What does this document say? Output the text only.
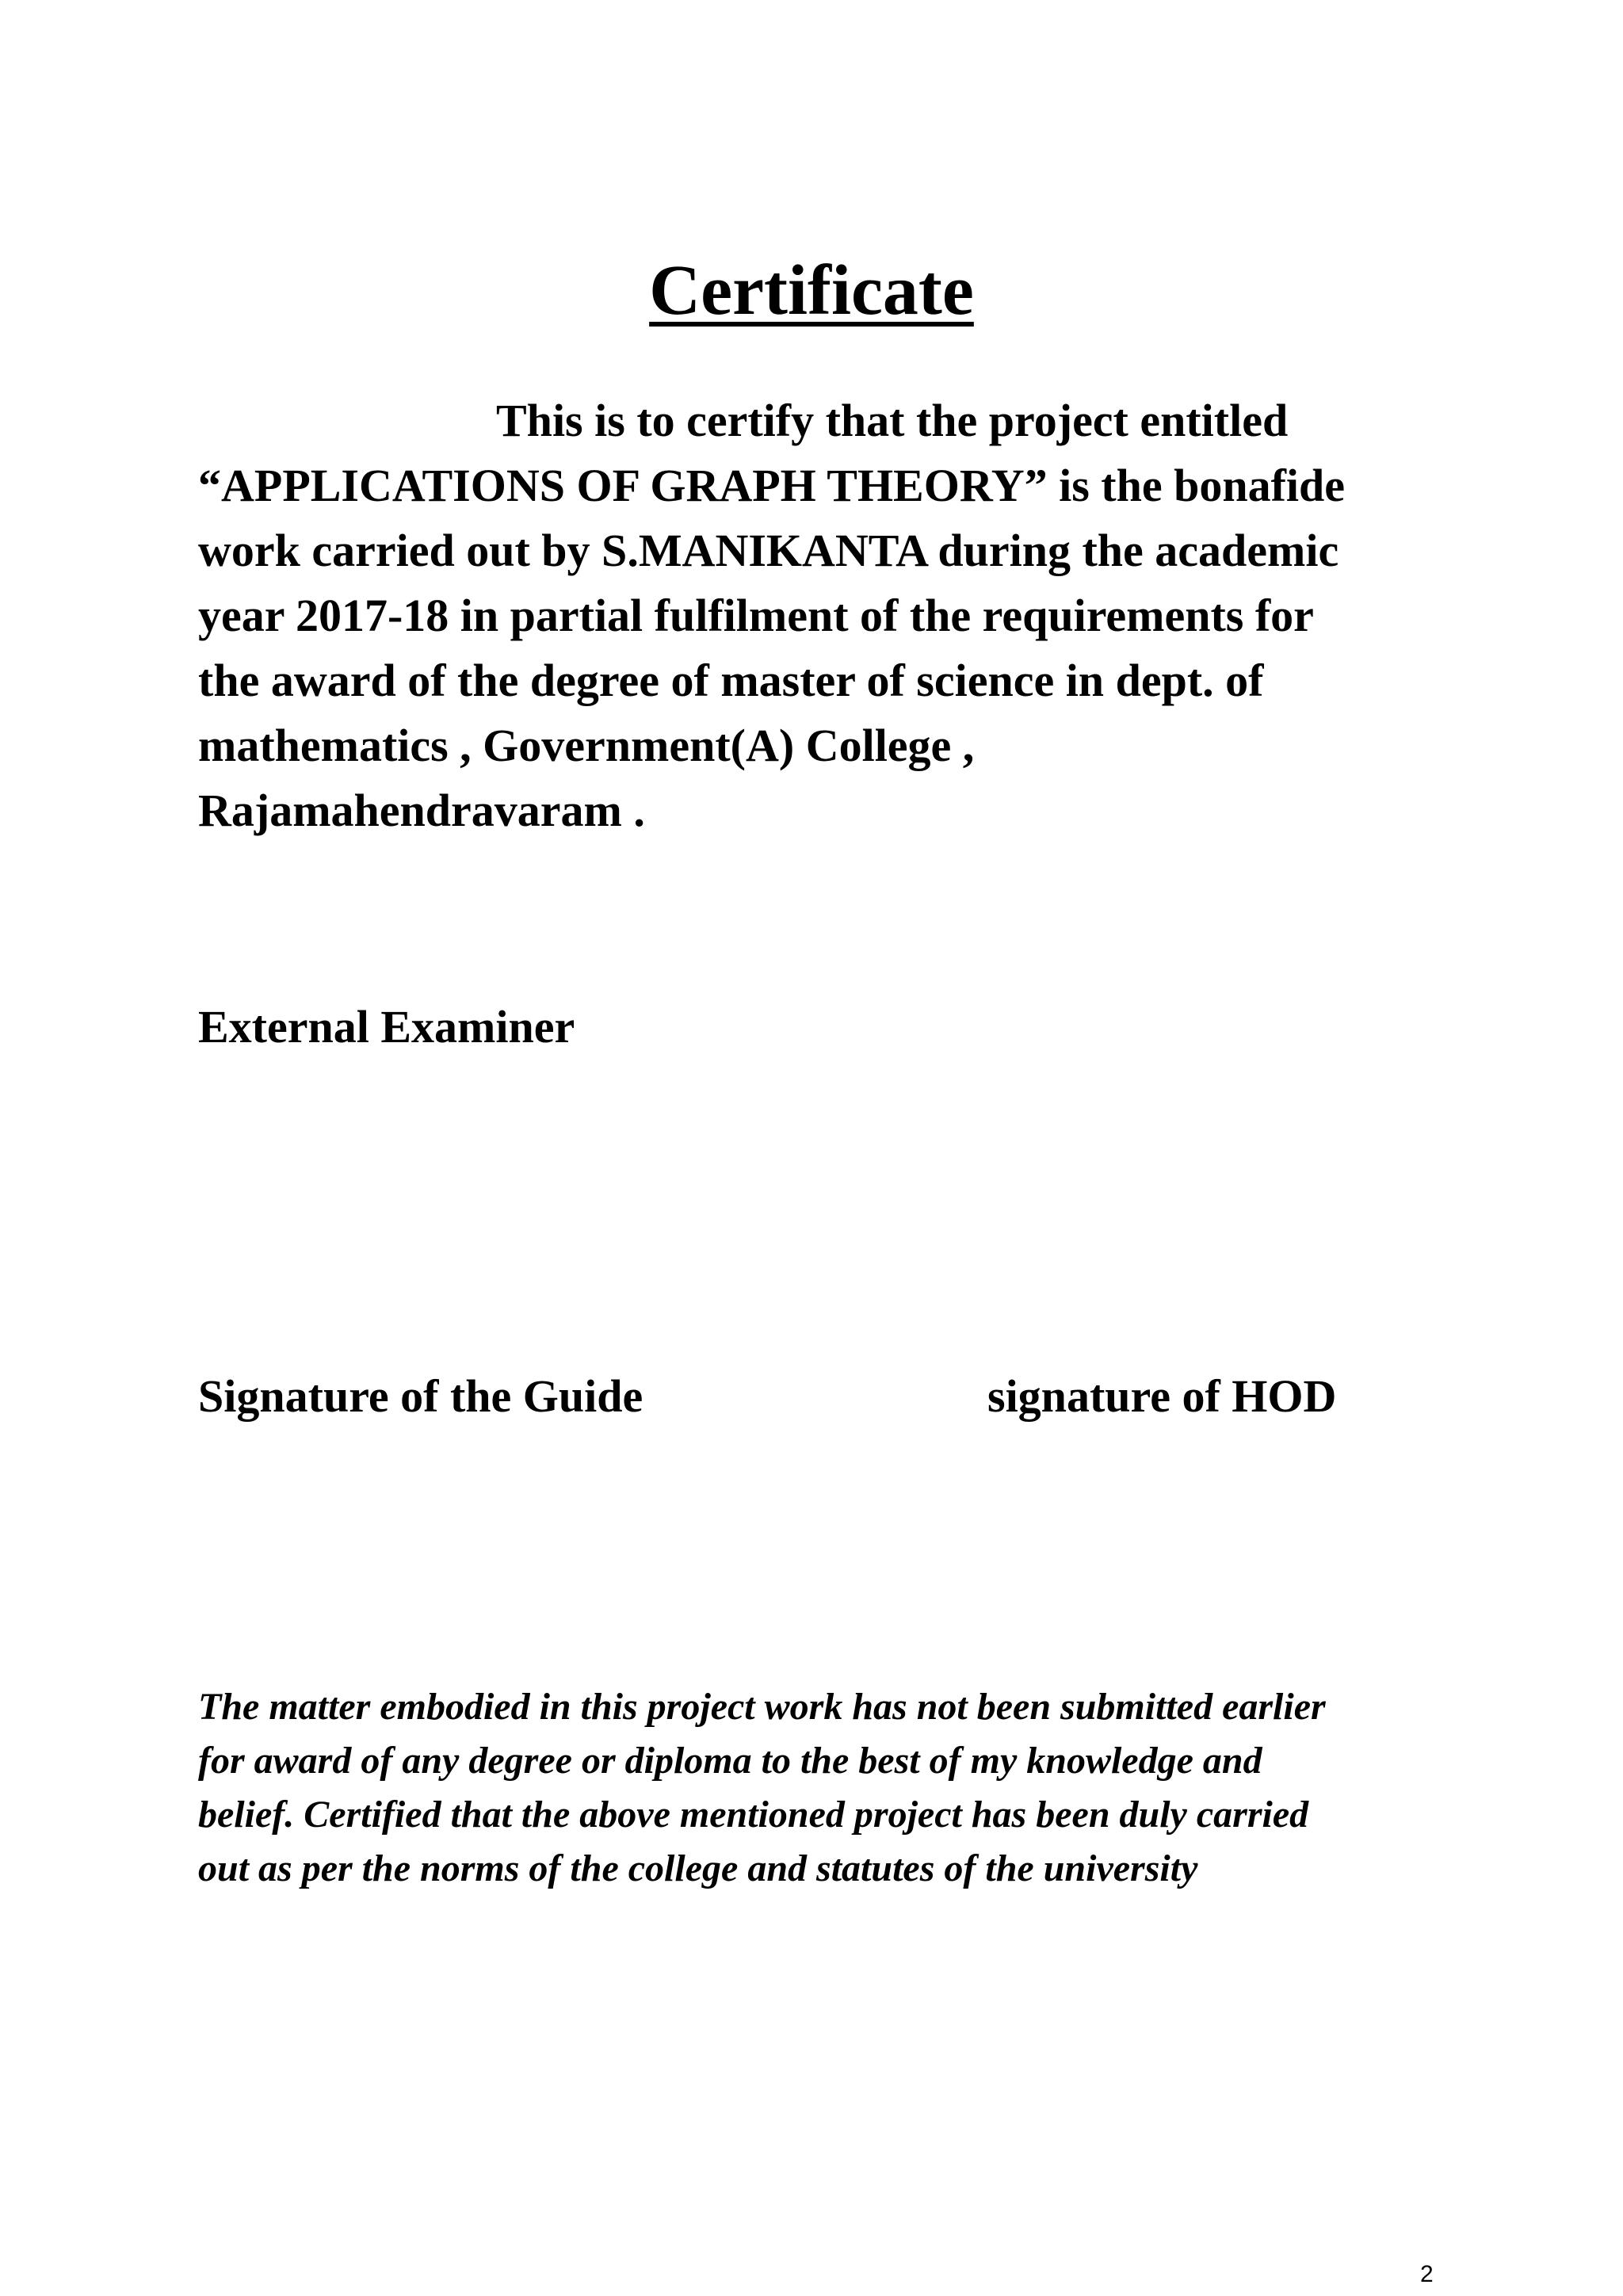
Certificate

This is to certify that the project entitled
“APPLICATIONS OF GRAPH THEORY” is the bonafide
work carried out by S.MANIKANTA during the academic
year 2017-18 in partial fulfilment of the requirements for
the award of the degree of master of science in dept. of
mathematics , Government(A) College ,
Rajamahendravaram .

External Examiner
Signature of the Guide	signature of HOD
The matter embodied in this project work has not been submitted earlier
for award of any degree or diploma to the best of my knowledge and
belief. Certified that the above mentioned project has been duly carried
out as per the norms of the college and statutes of the university
2
